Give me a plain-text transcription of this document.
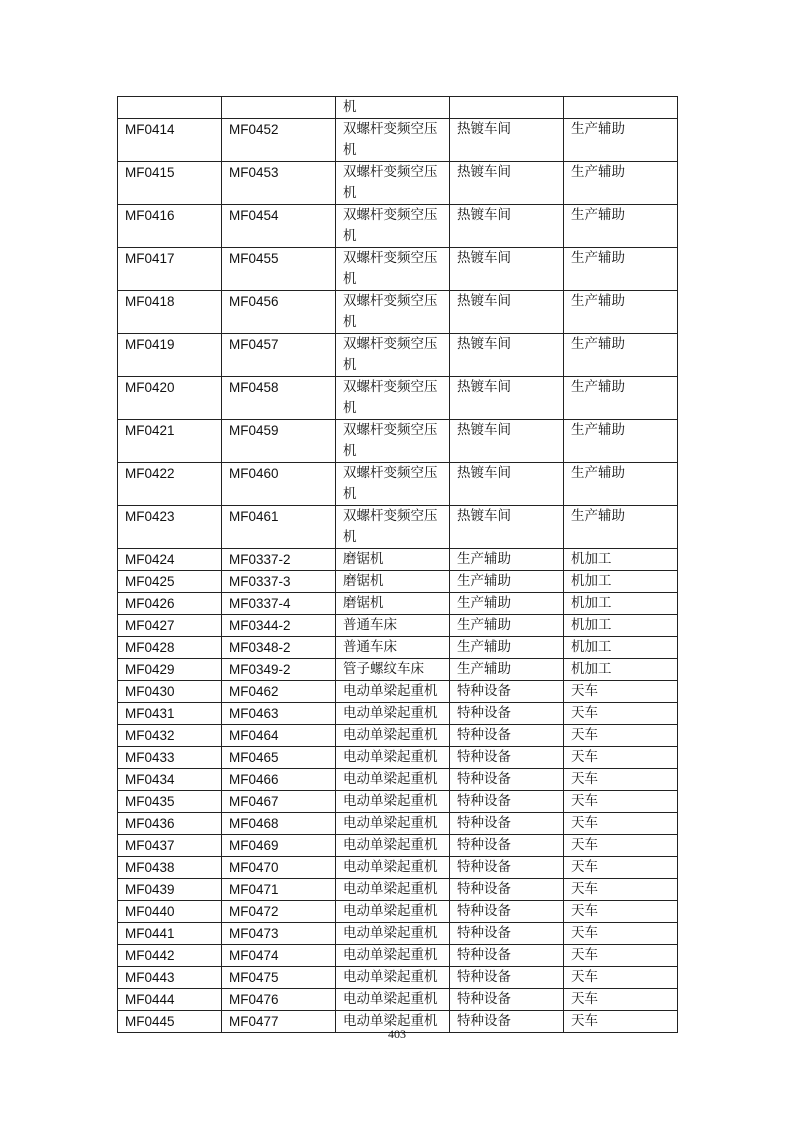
		机		
MF0414	MF0452	双螺杆变频空压机	热镀车间	生产辅助
MF0415	MF0453	双螺杆变频空压机	热镀车间	生产辅助
MF0416	MF0454	双螺杆变频空压机	热镀车间	生产辅助
MF0417	MF0455	双螺杆变频空压机	热镀车间	生产辅助
MF0418	MF0456	双螺杆变频空压机	热镀车间	生产辅助
MF0419	MF0457	双螺杆变频空压机	热镀车间	生产辅助
MF0420	MF0458	双螺杆变频空压机	热镀车间	生产辅助
MF0421	MF0459	双螺杆变频空压机	热镀车间	生产辅助
MF0422	MF0460	双螺杆变频空压机	热镀车间	生产辅助
MF0423	MF0461	双螺杆变频空压机	热镀车间	生产辅助
MF0424	MF0337-2	磨锯机	生产辅助	机加工
MF0425	MF0337-3	磨锯机	生产辅助	机加工
MF0426	MF0337-4	磨锯机	生产辅助	机加工
MF0427	MF0344-2	普通车床	生产辅助	机加工
MF0428	MF0348-2	普通车床	生产辅助	机加工
MF0429	MF0349-2	管子螺纹车床	生产辅助	机加工
MF0430	MF0462	电动单梁起重机	特种设备	天车
MF0431	MF0463	电动单梁起重机	特种设备	天车
MF0432	MF0464	电动单梁起重机	特种设备	天车
MF0433	MF0465	电动单梁起重机	特种设备	天车
MF0434	MF0466	电动单梁起重机	特种设备	天车
MF0435	MF0467	电动单梁起重机	特种设备	天车
MF0436	MF0468	电动单梁起重机	特种设备	天车
MF0437	MF0469	电动单梁起重机	特种设备	天车
MF0438	MF0470	电动单梁起重机	特种设备	天车
MF0439	MF0471	电动单梁起重机	特种设备	天车
MF0440	MF0472	电动单梁起重机	特种设备	天车
MF0441	MF0473	电动单梁起重机	特种设备	天车
MF0442	MF0474	电动单梁起重机	特种设备	天车
MF0443	MF0475	电动单梁起重机	特种设备	天车
MF0444	MF0476	电动单梁起重机	特种设备	天车
MF0445	MF0477	电动单梁起重机	特种设备	天车
403
